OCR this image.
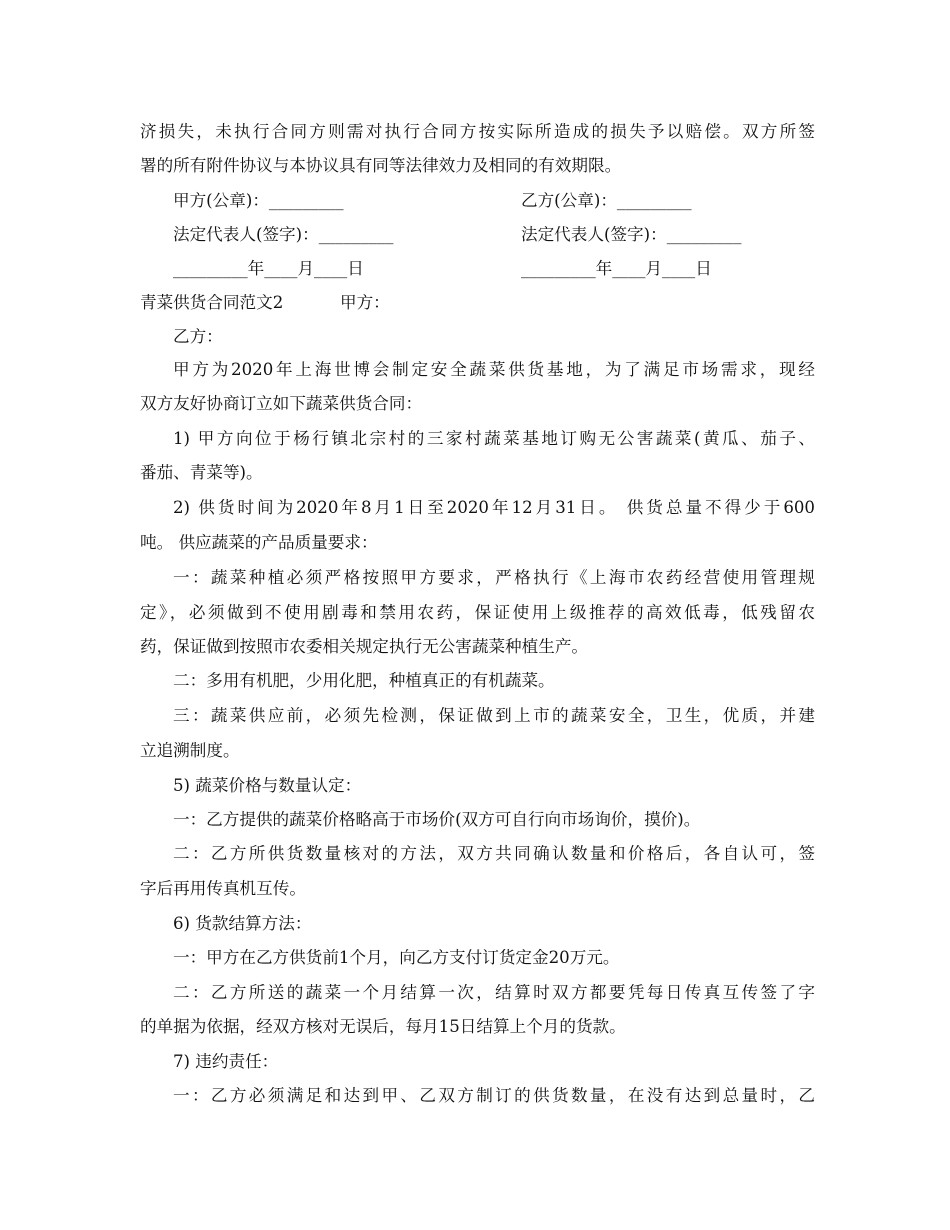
济损失，未执行合同方则需对执行合同方按实际所造成的损失予以赔偿。双方所签
署的所有附件协议与本协议具有同等法律效力及相同的有效期限。
甲方(公章)：_________	乙方(公章)：_________
法定代表人(签字)：_________	法定代表人(签字)：_________
_________年____月____日	_________年____月____日
青菜供货合同范文2	甲方：
乙方：
甲方为2020年上海世博会制定安全蔬菜供货基地，为了满足市场需求，现经
双方友好协商订立如下蔬菜供货合同：
1) 甲方向位于杨行镇北宗村的三家村蔬菜基地订购无公害蔬菜(黄瓜、茄子、
番茄、青菜等)。
2) 供货时间为2020年8月1日至2020年12月31日。 供货总量不得少于600
吨。 供应蔬菜的产品质量要求：
一：蔬菜种植必须严格按照甲方要求，严格执行《上海市农药经营使用管理规
定》，必须做到不使用剧毒和禁用农药，保证使用上级推荐的高效低毒，低残留农
药，保证做到按照市农委相关规定执行无公害蔬菜种植生产。
二：多用有机肥，少用化肥，种植真正的有机蔬菜。
三：蔬菜供应前，必须先检测，保证做到上市的蔬菜安全，卫生，优质，并建
立追溯制度。
5) 蔬菜价格与数量认定：
一：乙方提供的蔬菜价格略高于市场价(双方可自行向市场询价，摸价)。
二：乙方所供货数量核对的方法，双方共同确认数量和价格后，各自认可，签
字后再用传真机互传。
6) 货款结算方法：
一：甲方在乙方供货前1个月，向乙方支付订货定金20万元。
二：乙方所送的蔬菜一个月结算一次，结算时双方都要凭每日传真互传签了字
的单据为依据，经双方核对无误后，每月15日结算上个月的货款。
7) 违约责任：
一：乙方必须满足和达到甲、乙双方制订的供货数量，在没有达到总量时，乙
